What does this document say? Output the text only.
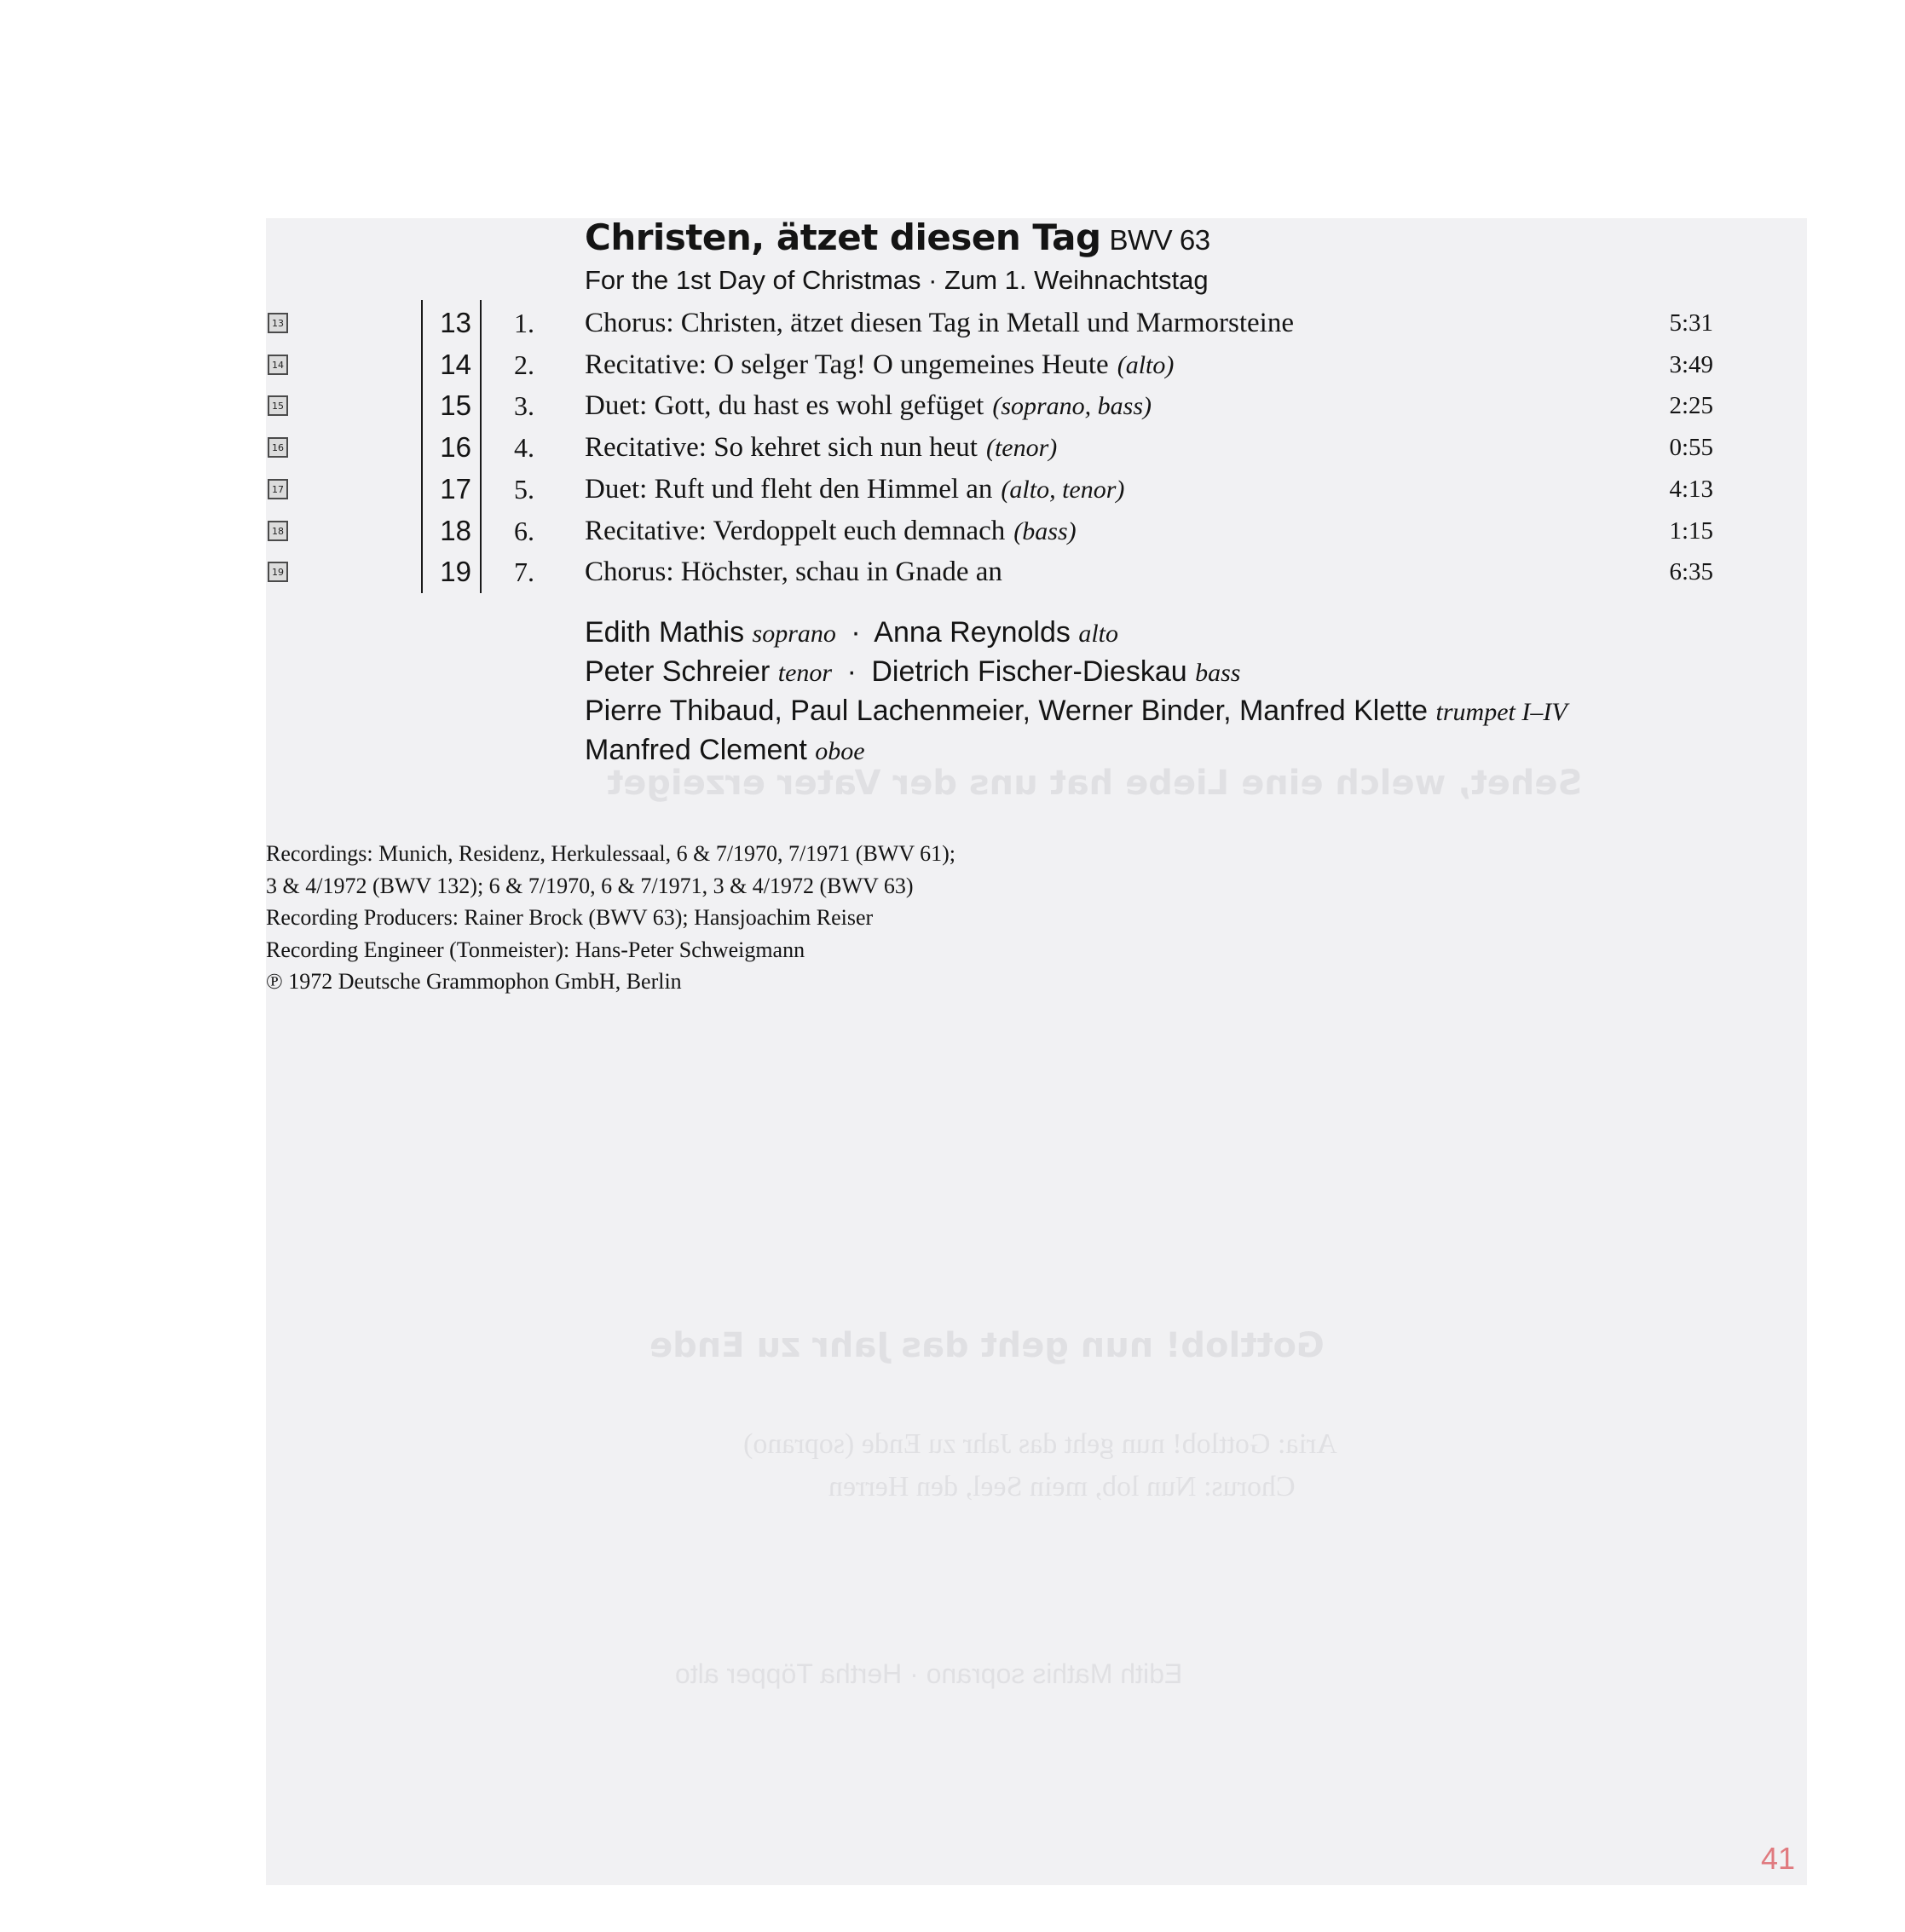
Sehet, welch eine Liebe hat uns der Vater erzeiget
Gottlob! nun geht das Jahr zu Ende
Aria: Gottlob! nun geht das Jahr zu Ende (soprano)
Chorus: Nun lob, mein Seel, den Herren
Edith Mathis soprano · Hertha Töpper alto
Christen, ätzet diesen Tag BWV 63
For the 1st Day of Christmas · Zum 1. Weihnachtstag
13	13 1. Chorus: Christen, ätzet diesen Tag in Metall und Marmorsteine	5:31
14	14 2. Recitative: O selger Tag! O ungemeines Heute (alto)	3:49
15	15 3. Duet: Gott, du hast es wohl gefüget (soprano, bass)	2:25
16	16 4. Recitative: So kehret sich nun heut (tenor)	0:55
17	17 5. Duet: Ruft und fleht den Himmel an (alto, tenor)	4:13
18	18 6. Recitative: Verdoppelt euch demnach (bass)	1:15
19	19 7. Chorus: Höchster, schau in Gnade an	6:35
Edith Mathis soprano · Anna Reynolds alto
Peter Schreier tenor · Dietrich Fischer-Dieskau bass
Pierre Thibaud, Paul Lachenmeier, Werner Binder, Manfred Klette trumpet I–IV
Manfred Clement oboe
Recordings: Munich, Residenz, Herkulessaal, 6 & 7/1970, 7/1971 (BWV 61);
3 & 4/1972 (BWV 132); 6 & 7/1970, 6 & 7/1971, 3 & 4/1972 (BWV 63)
Recording Producers: Rainer Brock (BWV 63); Hansjoachim Reiser
Recording Engineer (Tonmeister): Hans-Peter Schweigmann
℗ 1972 Deutsche Grammophon GmbH, Berlin
41
